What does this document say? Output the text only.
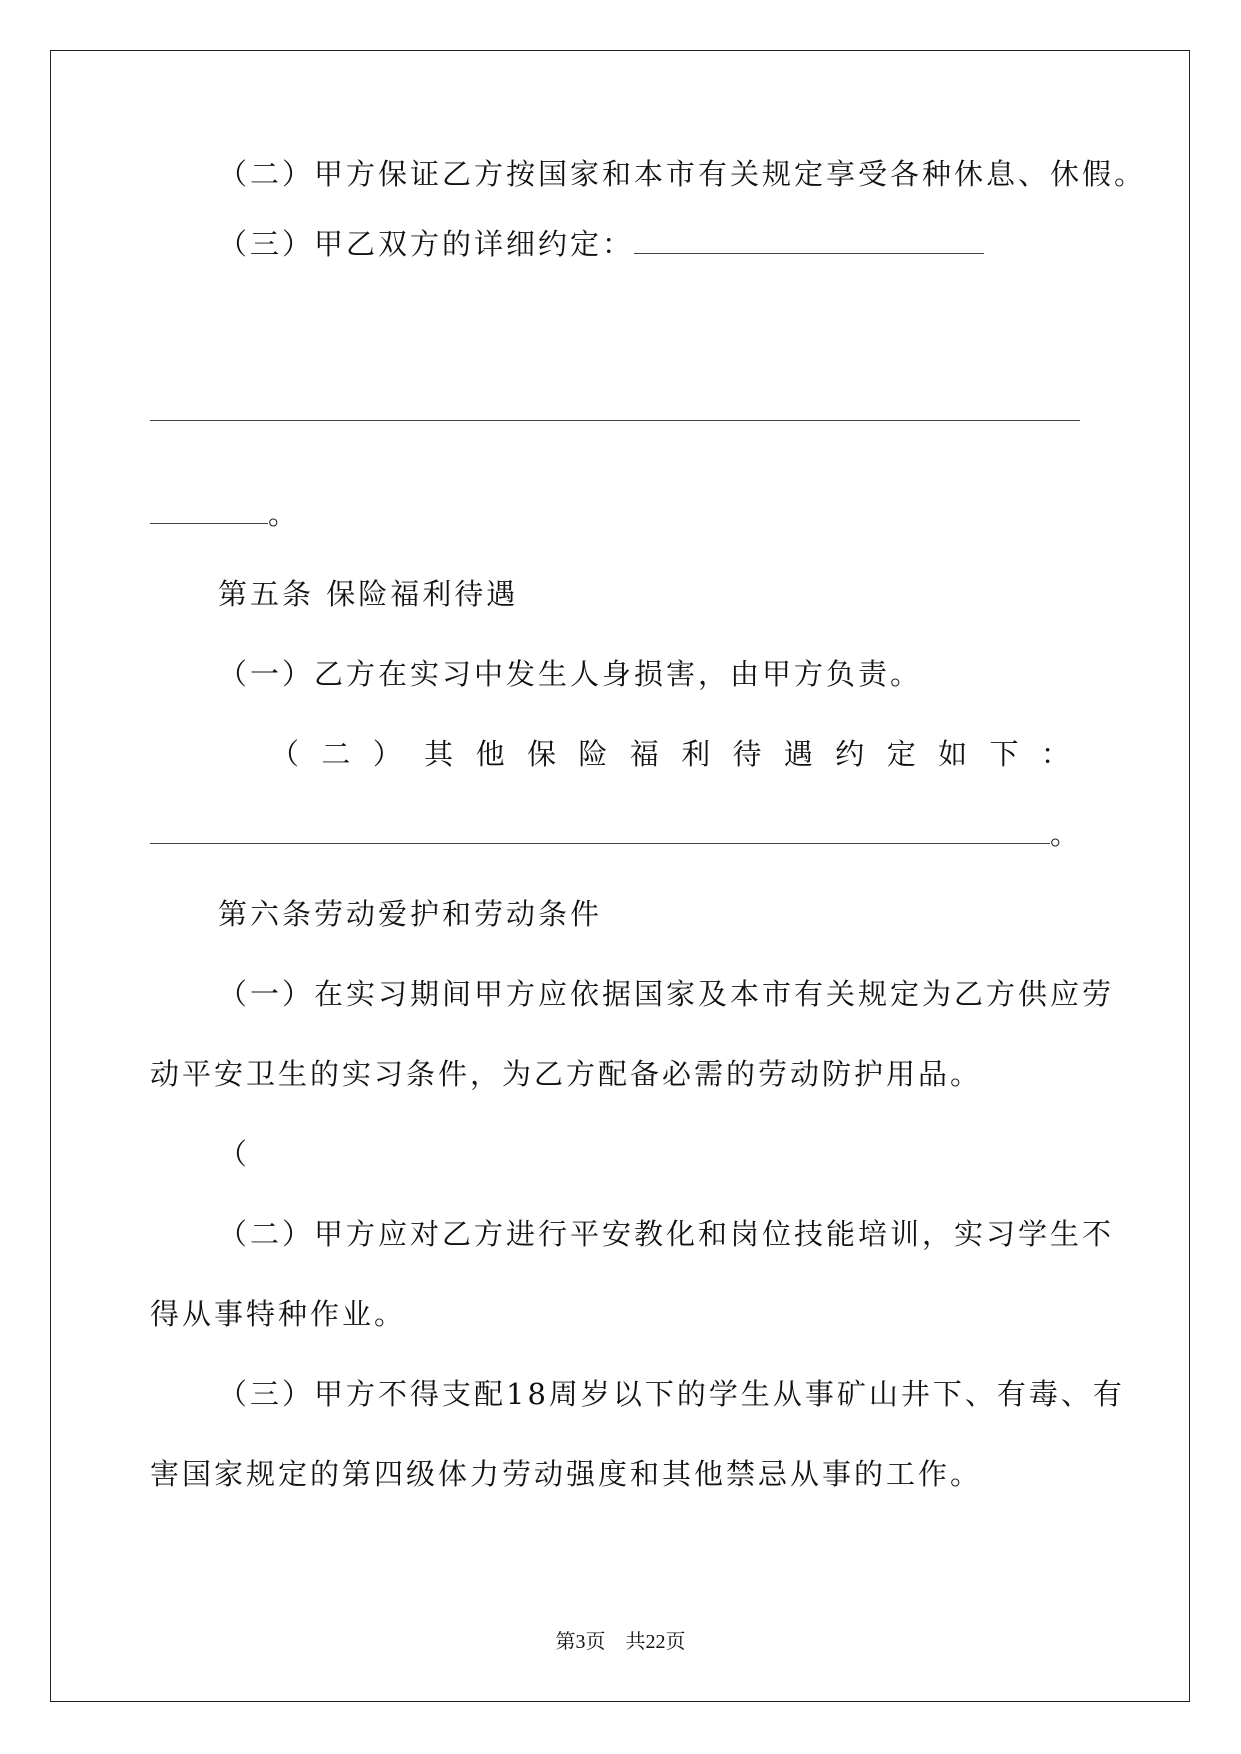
（二）甲方保证乙方按国家和本市有关规定享受各种休息、休假。
（三）甲乙双方的详细约定：
。
第五条 保险福利待遇
（一）乙方在实习中发生人身损害，由甲方负责。
（ 二 ） 其 他 保 险 福 利 待 遇 约 定 如 下 ：
。
第六条劳动爱护和劳动条件
（一）在实习期间甲方应依据国家及本市有关规定为乙方供应劳
动平安卫生的实习条件，为乙方配备必需的劳动防护用品。
（
（二）甲方应对乙方进行平安教化和岗位技能培训，实习学生不
得从事特种作业。
（三）甲方不得支配18周岁以下的学生从事矿山井下、有毒、有
害国家规定的第四级体力劳动强度和其他禁忌从事的工作。
第3页　共22页
